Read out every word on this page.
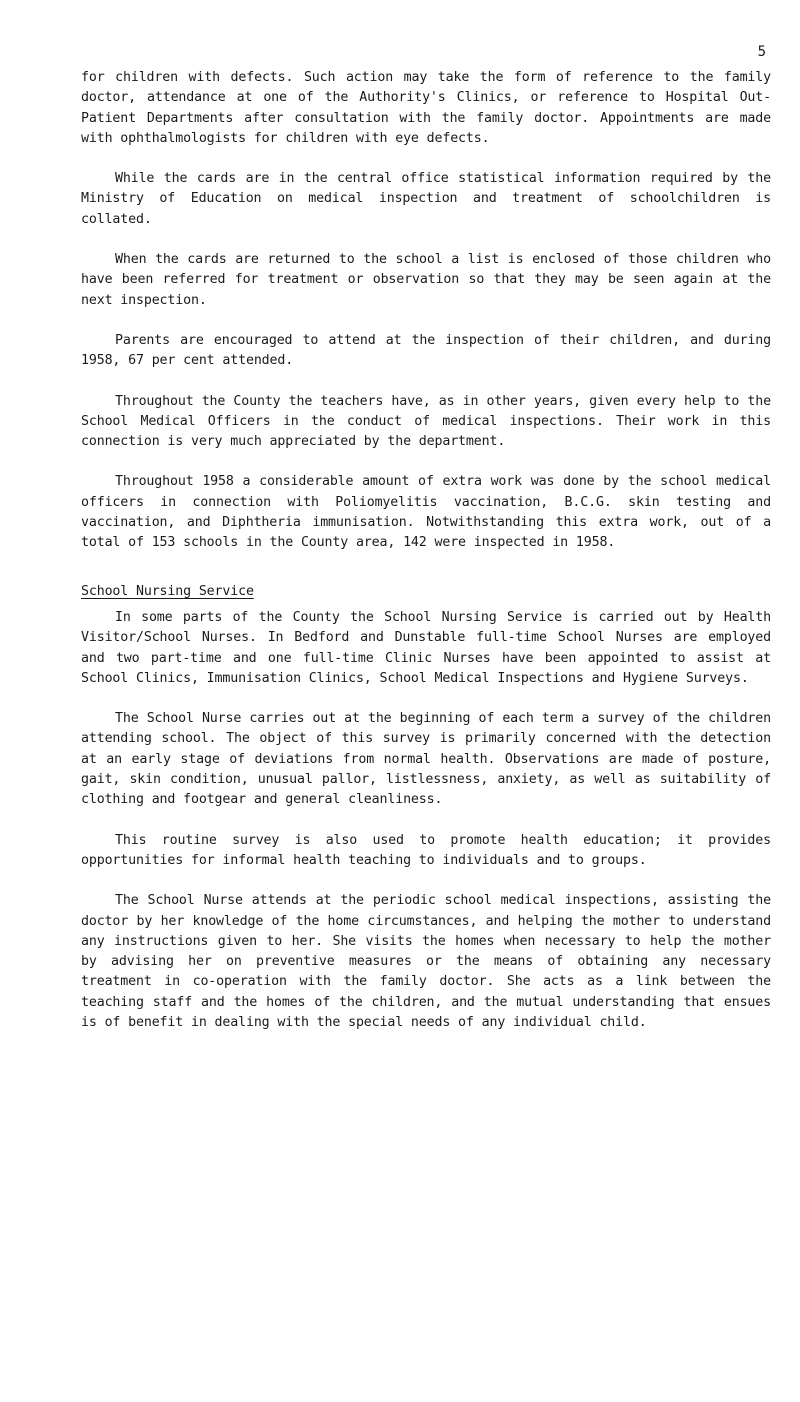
5

for children with defects. Such action may take the form of reference to the family doctor, attendance at one of the Authority's Clinics, or reference to Hospital Out-Patient Departments after consultation with the family doctor. Appointments are made with ophthalmologists for children with eye defects.

While the cards are in the central office statistical information required by the Ministry of Education on medical inspection and treatment of schoolchildren is collated.

When the cards are returned to the school a list is enclosed of those children who have been referred for treatment or observation so that they may be seen again at the next inspection.

Parents are encouraged to attend at the inspection of their children, and during 1958, 67 per cent attended.

Throughout the County the teachers have, as in other years, given every help to the School Medical Officers in the conduct of medical inspections. Their work in this connection is very much appreciated by the department.

Throughout 1958 a considerable amount of extra work was done by the school medical officers in connection with Poliomyelitis vaccination, B.C.G. skin testing and vaccination, and Diphtheria immunisation. Notwithstanding this extra work, out of a total of 153 schools in the County area, 142 were inspected in 1958.

School Nursing Service

In some parts of the County the School Nursing Service is carried out by Health Visitor/School Nurses. In Bedford and Dunstable full-time School Nurses are employed and two part-time and one full-time Clinic Nurses have been appointed to assist at School Clinics, Immunisation Clinics, School Medical Inspections and Hygiene Surveys.

The School Nurse carries out at the beginning of each term a survey of the children attending school. The object of this survey is primarily concerned with the detection at an early stage of deviations from normal health. Observations are made of posture, gait, skin condition, unusual pallor, listlessness, anxiety, as well as suitability of clothing and footgear and general cleanliness.

This routine survey is also used to promote health education; it provides opportunities for informal health teaching to individuals and to groups.

The School Nurse attends at the periodic school medical inspections, assisting the doctor by her knowledge of the home circumstances, and helping the mother to understand any instructions given to her. She visits the homes when necessary to help the mother by advising her on preventive measures or the means of obtaining any necessary treatment in co-operation with the family doctor. She acts as a link between the teaching staff and the homes of the children, and the mutual understanding that ensues is of benefit in dealing with the special needs of any individual child.
